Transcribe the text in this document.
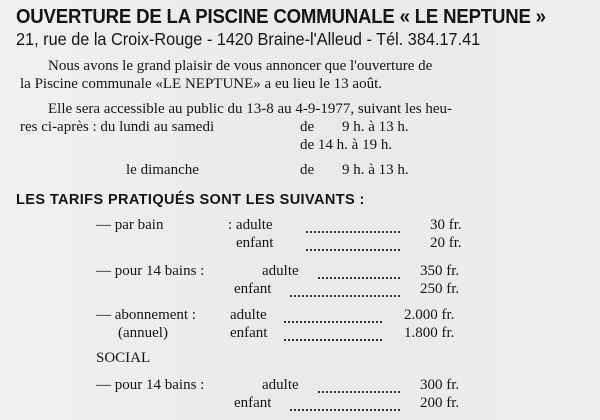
OUVERTURE DE LA PISCINE COMMUNALE « LE NEPTUNE »
21, rue de la Croix-Rouge - 1420 Braine-l'Alleud - Tél. 384.17.41
Nous avons le grand plaisir de vous annoncer que l'ouverture de
la Piscine communale «LE NEPTUNE» a eu lieu le 13 août.
Elle sera accessible au public du 13-8 au 4-9-1977, suivant les heu-
res ci-après : du lundi au samedi	de 9 h. à 13 h.
de 14 h. à 19 h.
le dimanche	de 9 h. à 13 h.
LES TARIFS PRATIQUÉS SONT LES SUIVANTS :
— par bain	: adulte	30 fr.
enfant	20 fr.
— pour 14 bains :	adulte	350 fr.
enfant	250 fr.
— abonnement : adulte	2.000 fr.
(annuel)	enfant	1.800 fr.
SOCIAL
— pour 14 bains :	adulte	300 fr.
enfant	200 fr.
